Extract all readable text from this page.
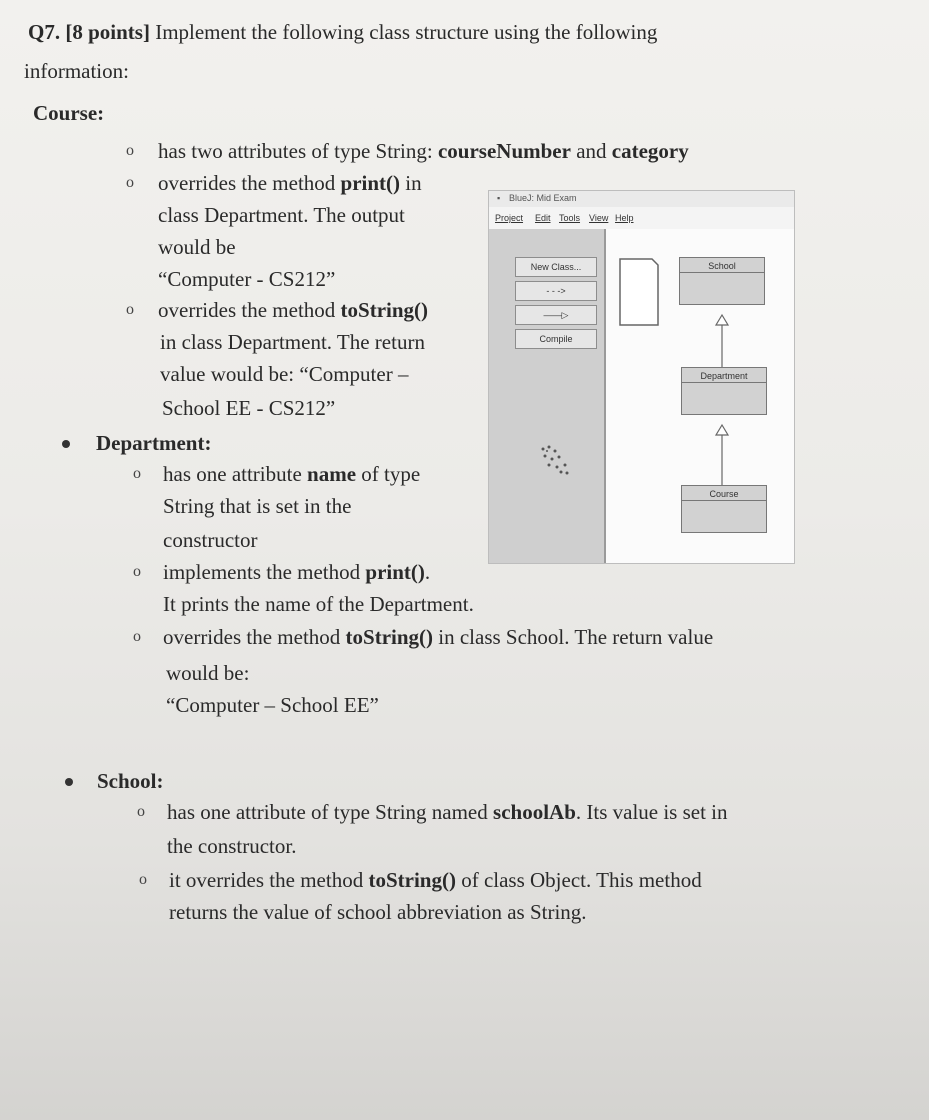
Q7. [8 points] Implement the following class structure using the following
information:
Course:
o has two attributes of type String: courseNumber and category
o overrides the method print() in
class Department. The output
would be
“Computer - CS212”
o overrides the method toString()
in class Department. The return
value would be: “Computer –
School EE - CS212”
Department:
o has one attribute name of type
String that is set in the
constructor
o implements the method print().
It prints the name of the Department.
o overrides the method toString() in class School. The return value
would be:
“Computer – School EE”
School:
o has one attribute of type String named schoolAb. Its value is set in
the constructor.
o it overrides the method toString() of class Object. This method
returns the value of school abbreviation as String.
▪ BlueJ: Mid Exam
Project Edit Tools View Help
New Class...
- - ->
——▷
Compile
School
Department
Course
